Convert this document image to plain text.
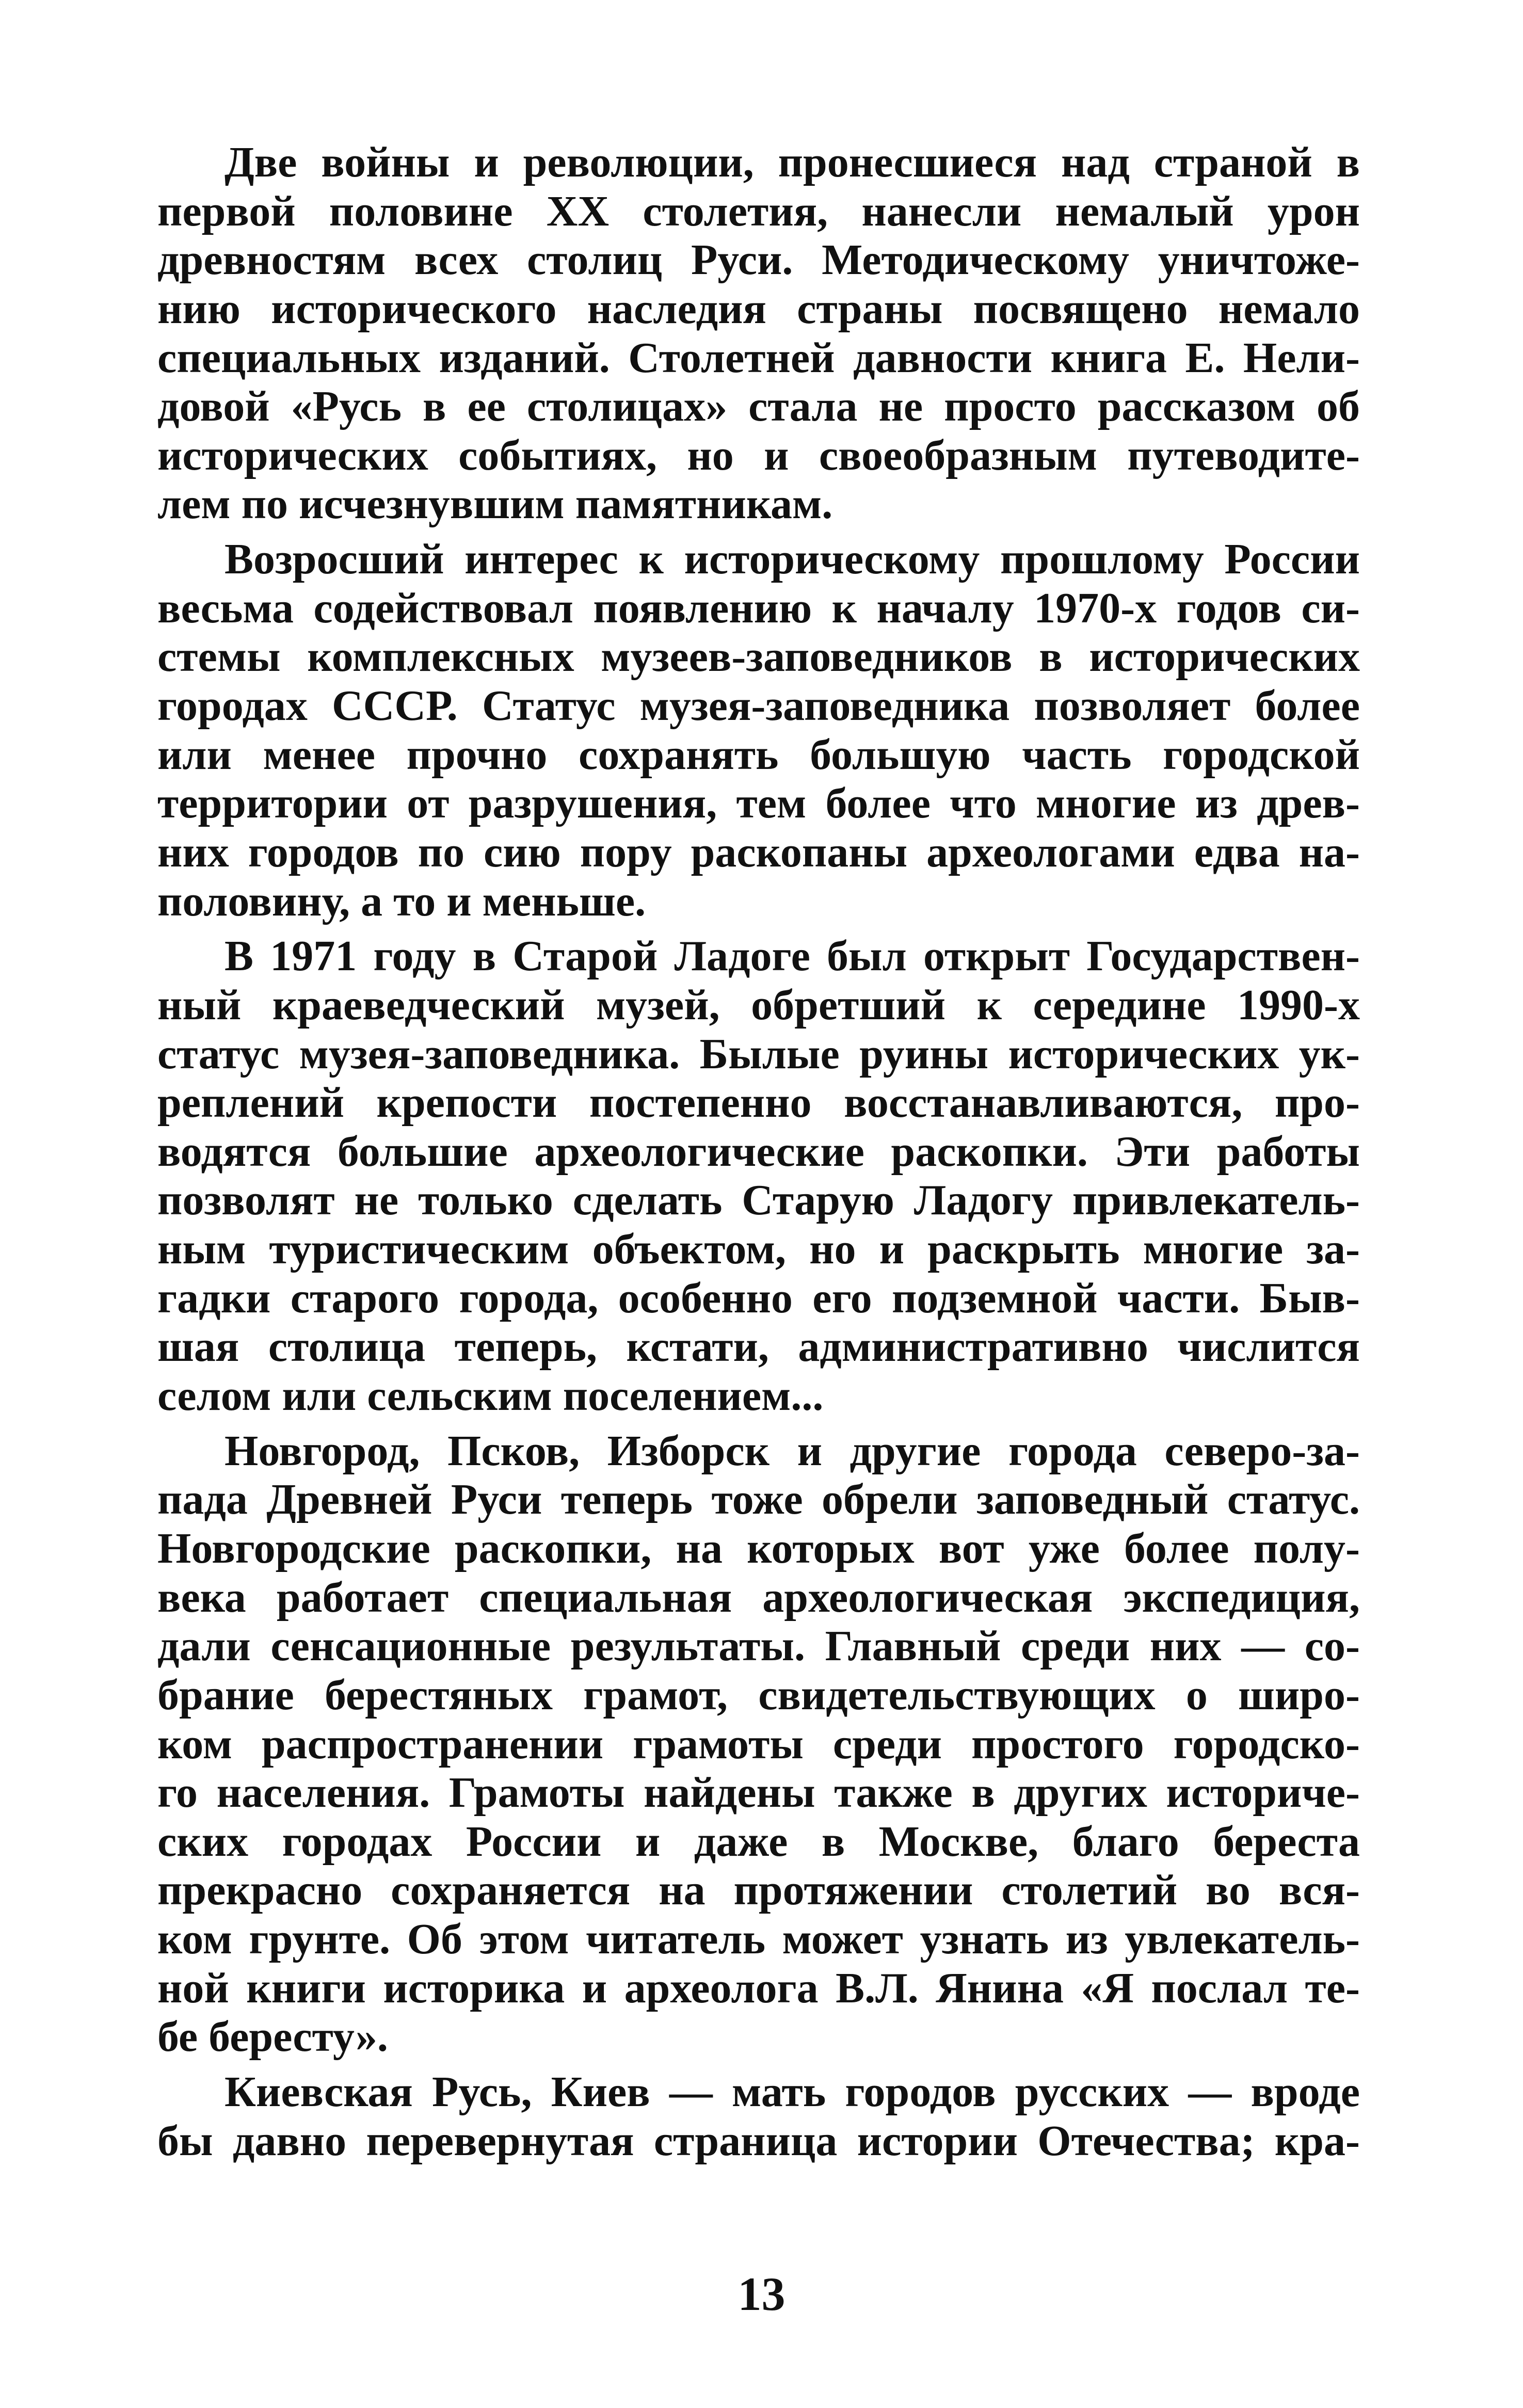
Две войны и революции, пронесшиеся над страной в
первой половине XX столетия, нанесли немалый урон
древностям всех столиц Руси. Методическому уничтоже-
нию исторического наследия страны посвящено немало
специальных изданий. Столетней давности книга Е. Нели-
довой «Русь в ее столицах» стала не просто рассказом об
исторических событиях, но и своеобразным путеводите-
лем по исчезнувшим памятникам.
Возросший интерес к историческому прошлому России
весьма содействовал появлению к началу 1970-х годов си-
стемы комплексных музеев-заповедников в исторических
городах СССР. Статус музея-заповедника позволяет более
или менее прочно сохранять большую часть городской
территории от разрушения, тем более что многие из древ-
них городов по сию пору раскопаны археологами едва на-
половину, а то и меньше.
В 1971 году в Старой Ладоге был открыт Государствен-
ный краеведческий музей, обретший к середине 1990-х
статус музея-заповедника. Былые руины исторических ук-
реплений крепости постепенно восстанавливаются, про-
водятся большие археологические раскопки. Эти работы
позволят не только сделать Старую Ладогу привлекатель-
ным туристическим объектом, но и раскрыть многие за-
гадки старого города, особенно его подземной части. Быв-
шая столица теперь, кстати, административно числится
селом или сельским поселением...
Новгород, Псков, Изборск и другие города северо-за-
пада Древней Руси теперь тоже обрели заповедный статус.
Новгородские раскопки, на которых вот уже более полу-
века работает специальная археологическая экспедиция,
дали сенсационные результаты. Главный среди них — со-
брание берестяных грамот, свидетельствующих о широ-
ком распространении грамоты среди простого городско-
го населения. Грамоты найдены также в других историче-
ских городах России и даже в Москве, благо береста
прекрасно сохраняется на протяжении столетий во вся-
ком грунте. Об этом читатель может узнать из увлекатель-
ной книги историка и археолога В.Л. Янина «Я послал те-
бе бересту».
Киевская Русь, Киев — мать городов русских — вроде
бы давно перевернутая страница истории Отечества; кра-
13
